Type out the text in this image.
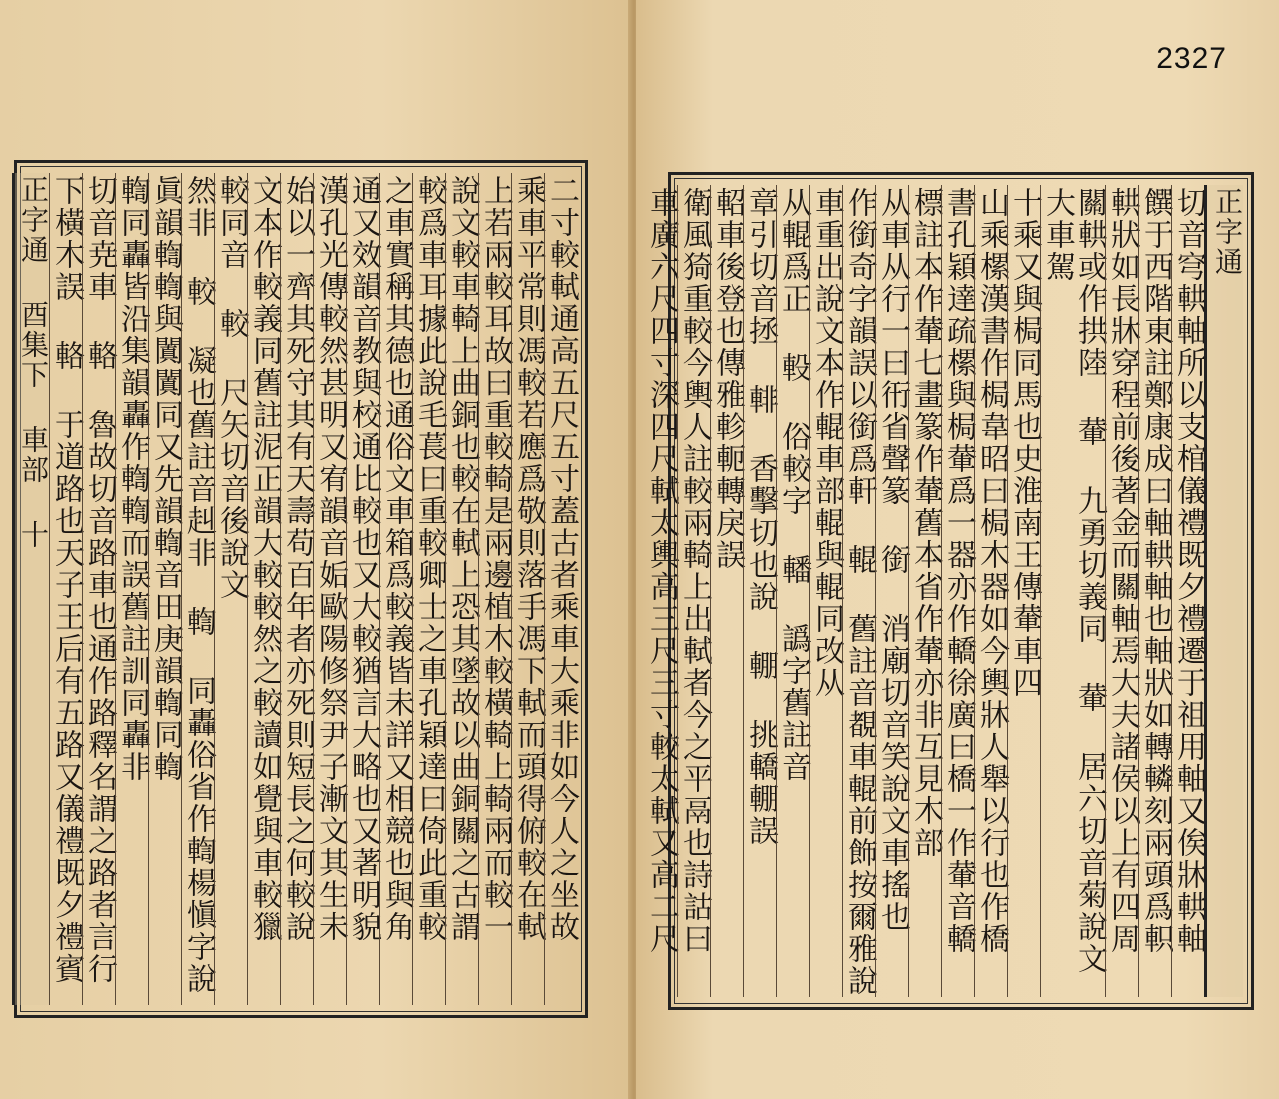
2327
二寸較軾通高五尺五寸蓋古者乘車大乘非如今人之坐故
乘車平常則馮較若應爲敬則落手馮下軾而頭得俯較在軾
上若兩較耳故曰重較輢是兩邊植木較橫輢上輢兩而較一
說文較車輢上曲銅也較在軾上恐其墜故以曲銅關之古謂
較爲車耳據此說毛萇曰重較卿士之車孔穎達曰倚此重較
之車實稱其德也通俗文車箱爲較義皆未詳又相競也與角
通又效韻音教與校通比較也又大較猶言大略也又著明貌
漢孔光傳較然甚明又宥韻音姤歐陽修祭尹子漸文其生未
始以一齊其死守其有天壽苟百年者亦死則短長之何較說
文本作較義同舊註泥正韻大較較然之較讀如覺與車較獵
較同音 較 尺矢切音後說文
然非 較 凝也舊註音赳非 輷 同轟俗省作輷楊愼字說
眞韻輷輷與闐闐同又先韻輷音田庚韻輷同輷
輷同轟皆沿集韻轟作輷輷而誤舊註訓同轟非
切音尭車 輅 魯故切音路車也通作路釋名謂之路者言行
下橫木誤 輅 于道路也天子王后有五路又儀禮既夕禮賓
正字通 酉集下 車部 十	正字通
切音穹輁軸所以支棺儀禮既夕禮遷于祖用軸又俟牀輁軸
饌于西階東註鄭康成曰軸輁軸也軸狀如轉轔刻兩頭爲軹
輁狀如長牀穿程前後著金而關軸焉大夫諸侯以上有四周
關輁或作拱陸 輂 九勇切義同 輂 居六切音菊說文大車駕
十乘又與梮同馬也史淮南王傳輂車四
山乘樏漢書作梮韋昭曰梮木器如今輿牀人舉以行也作橋
書孔穎達疏樏與梮輂爲一器亦作轎徐廣曰橋一作輂音轎
標註本作輂七畫篆作輂舊本省作輂亦非互見木部
从車从行一曰衎省聲篆 銜 消廟切音笑說文車搖也
作銜奇字韻誤以銜爲軒 輥 舊註音覩車輥前飾按爾雅說
車重出說文本作輥車部輥與輥同改从
从輥爲正 軗 俗較字 轓 譌字舊註音
章引切音拯 輫 香擊切也說 輣 挑轎輣誤
軺車後登也傳雅軫軛轉戾誤
衛風猗重較今輿人註較兩輢上出軾者今之平鬲也詩詁曰
車廣六尺四寸深四尺軾太輿高三尺三寸較太軾又高二尺
